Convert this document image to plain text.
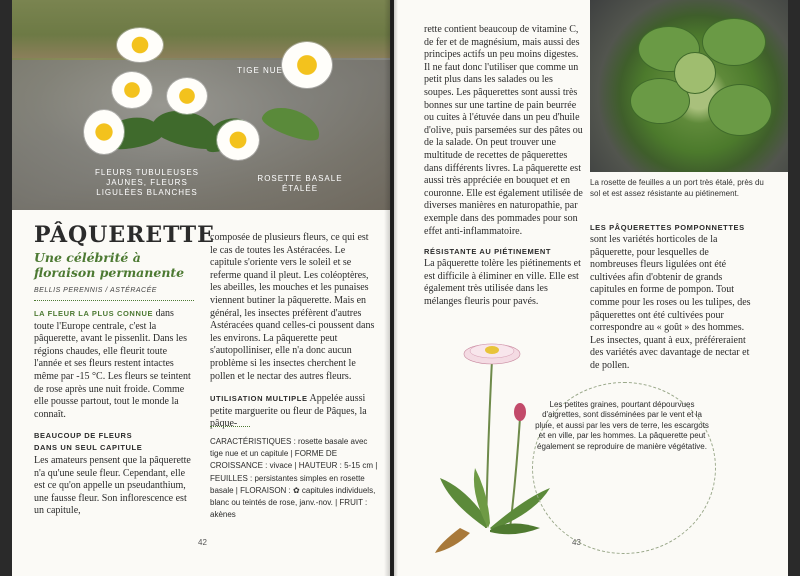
TIGE NUE
FLEURS TUBULEUSES JAUNES, FLEURS LIGULÉES BLANCHES
ROSETTE BASALE ÉTALÉE
PÂQUERETTE
Une célébrité à floraison permanente
BELLIS PERENNIS / ASTÉRACÉE
LA FLEUR LA PLUS CONNUE dans toute l'Europe centrale, c'est la pâquerette, avant le pissenlit. Dans les régions chaudes, elle fleurit toute l'année et ses fleurs restent intactes même par -15 °C. Les fleurs se teintent de rose après une nuit froide. Comme elle pousse partout, tout le monde la connaît.
BEAUCOUP DE FLEURS
DANS UN SEUL CAPITULE
Les amateurs pensent que la pâquerette n'a qu'une seule fleur. Cependant, elle est ce qu'on appelle un pseudanthium, une fausse fleur. Son inflorescence est un capitule,
composée de plusieurs fleurs, ce qui est le cas de toutes les Astéracées. Le capitule s'oriente vers le soleil et se referme quand il pleut. Les coléoptères, les abeilles, les mouches et les punaises viennent butiner la pâquerette. Mais en général, les insectes préfèrent d'autres Astéracées quand celles-ci poussent dans les environs. La pâquerette peut s'autopolliniser, elle n'a donc aucun problème si les insectes cherchent le pollen et le nectar des autres fleurs.
UTILISATION MULTIPLE Appelée aussi petite marguerite ou fleur de Pâques, la pâque-
CARACTÉRISTIQUES : rosette basale avec tige nue et un capitule | FORME DE CROISSANCE : vivace | HAUTEUR : 5-15 cm | FEUILLES : persistantes simples en rosette basale | FLORAISON : ✿ capitules individuels, blanc ou teintés de rose, janv.-nov. | FRUIT : akènes
42
rette contient beaucoup de vitamine C, de fer et de magnésium, mais aussi des principes actifs un peu moins digestes. Il ne faut donc l'utiliser que comme un petit plus dans les salades ou les soupes. Les pâquerettes sont aussi très bonnes sur une tartine de pain beurrée ou cuites à l'étuvée dans un peu d'huile d'olive, puis parsemées sur des pâtes ou de la salade. On peut trouver une multitude de recettes de pâquerettes dans différents livres. La pâquerette est aussi très appréciée en bouquet et en couronne. Elle est également utilisée de diverses manières en naturopathie, par exemple dans des pommades pour son effet anti-inflammatoire.
RÉSISTANTE AU PIÉTINEMENT
La pâquerette tolère les piétinements et est difficile à éliminer en ville. Elle est également très utilisée dans les mélanges fleuris pour pavés.
La rosette de feuilles a un port très étalé, près du sol et est assez résistante au piétinement.
LES PÂQUERETTES POMPONNETTES
sont les variétés horticoles de la pâquerette, pour lesquelles de nombreuses fleurs ligulées ont été cultivées afin d'obtenir de grands capitules en forme de pompon. Tout comme pour les roses ou les tulipes, des pâquerettes ont été cultivées pour correspondre au « goût » des hommes. Les insectes, quant à eux, préféreraient des variétés avec davantage de nectar et de pollen.
43
Les petites graines, pourtant dépourvues d'aigrettes, sont disséminées par le vent et la pluie, et aussi par les vers de terre, les escargots et en ville, par les hommes. La pâquerette peut également se reproduire de manière végétative.
